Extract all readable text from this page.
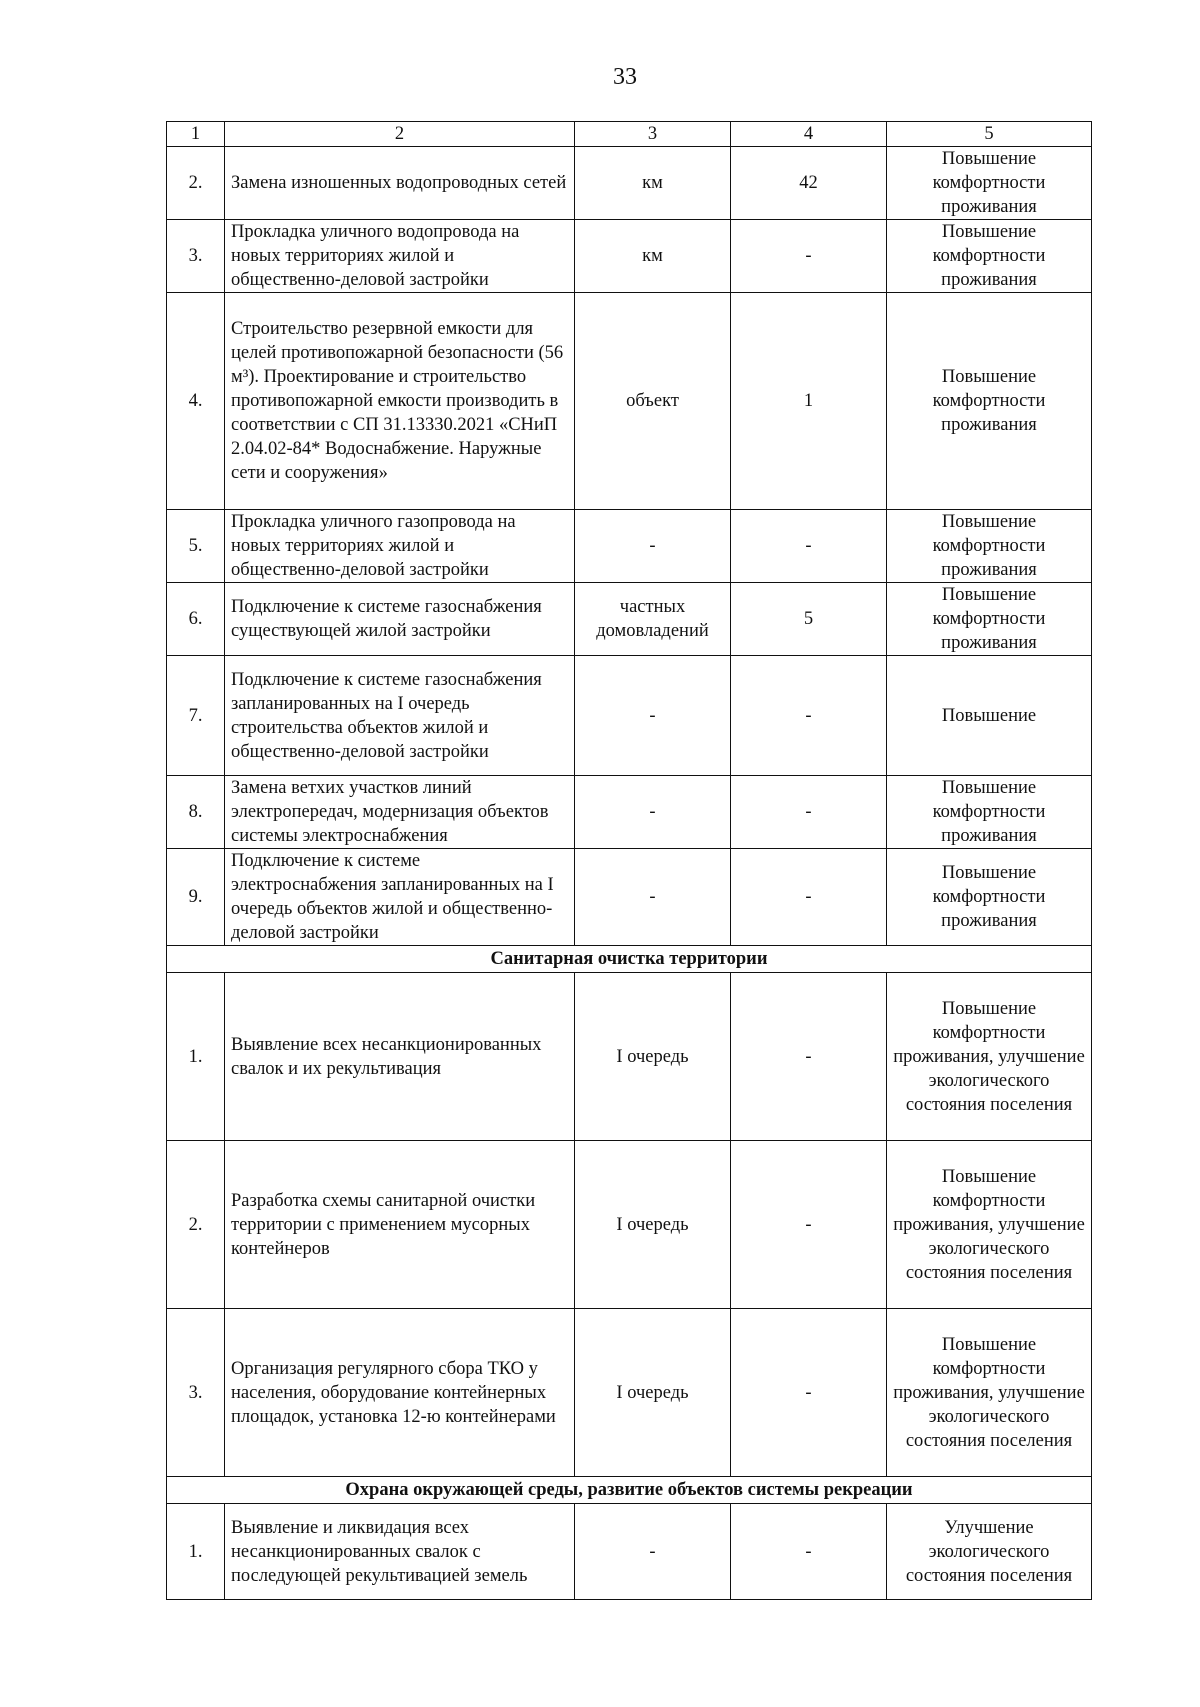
33
1	2	3	4	5
2.	Замена изношенных водопроводных сетей	км	42	Повышение комфортности проживания
3.	Прокладка уличного водопровода на новых территориях жилой и общественно-деловой застройки	км	-	Повышение комфортности проживания
4.	Строительство резервной емкости для целей противопожарной безопасности (56 м³). Проектирование и строительство противопожарной емкости производить в соответствии с СП 31.13330.2021 «СНиП 2.04.02-84* Водоснабжение. Наружные сети и сооружения»	объект	1	Повышение комфортности проживания
5.	Прокладка уличного газопровода на новых территориях жилой и общественно-деловой застройки	-	-	Повышение комфортности проживания
6.	Подключение к системе газоснабжения существующей жилой застройки	частных домовладений	5	Повышение комфортности проживания
7.	Подключение к системе газоснабжения запланированных на I очередь строительства объектов жилой и общественно-деловой застройки	-	-	Повышение
8.	Замена ветхих участков линий электропередач, модернизация объектов системы электроснабжения	-	-	Повышение комфортности проживания
9.	Подключение к системе электроснабжения запланированных на I очередь объектов жилой и общественно-деловой застройки	-	-	Повышение комфортности проживания
Санитарная очистка территории				
1.	Выявление всех несанкционированных свалок и их рекультивация	I очередь	-	Повышение комфортности проживания, улучшение экологического состояния поселения
2.	Разработка схемы санитарной очистки территории с применением мусорных контейнеров	I очередь	-	Повышение комфортности проживания, улучшение экологического состояния поселения
3.	Организация регулярного сбора ТКО у населения, оборудование контейнерных площадок, установка 12-ю контейнерами	I очередь	-	Повышение комфортности проживания, улучшение экологического состояния поселения
Охрана окружающей среды, развитие объектов системы рекреации				
1.	Выявление и ликвидация всех несанкционированных свалок с последующей рекультивацией земель	-	-	Улучшение экологического состояния поселения
